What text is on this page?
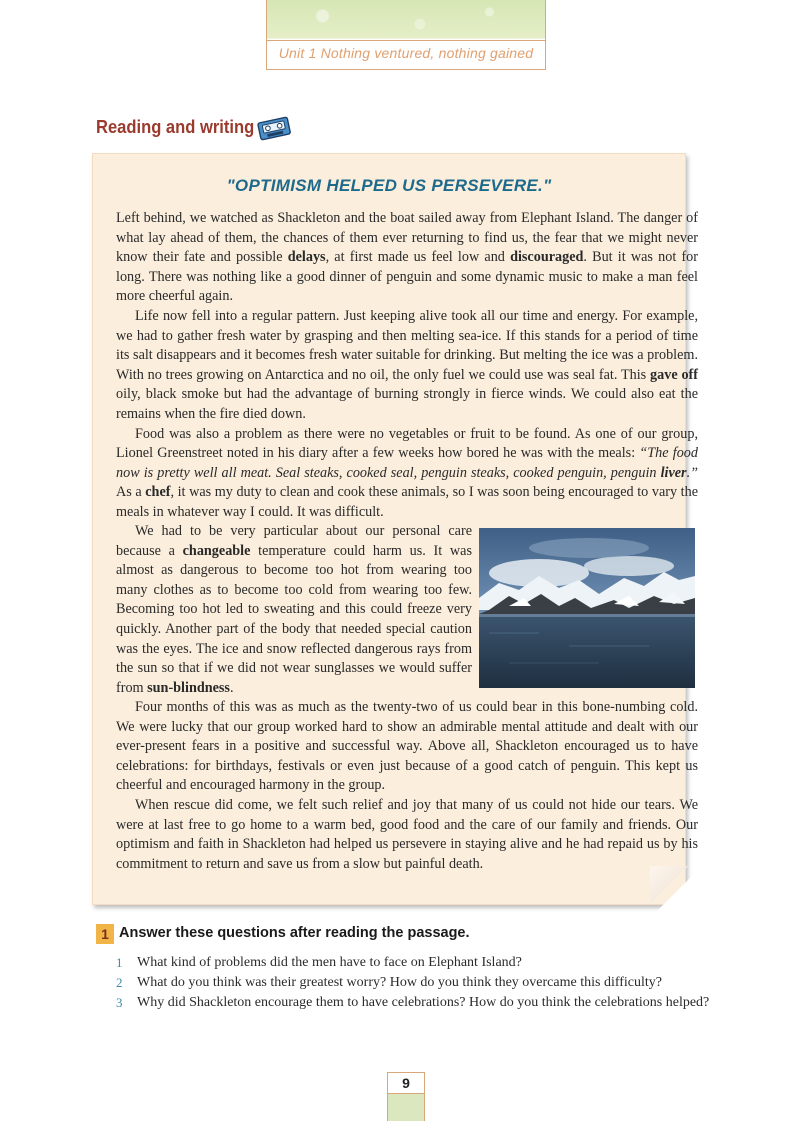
Unit 1 Nothing ventured, nothing gained
Reading and writing
"OPTIMISM HELPED US PERSEVERE."

Left behind, we watched as Shackleton and the boat sailed away from Elephant Island. The danger of what lay ahead of them, the chances of them ever returning to find us, the fear that we might never know their fate and possible delays, at first made us feel low and discouraged. But it was not for long. There was nothing like a good dinner of penguin and some dynamic music to make a man feel more cheerful again.

Life now fell into a regular pattern. Just keeping alive took all our time and energy. For example, we had to gather fresh water by grasping and then melting sea-ice. If this stands for a period of time its salt disappears and it becomes fresh water suitable for drinking. But melting the ice was a problem. With no trees growing on Antarctica and no oil, the only fuel we could use was seal fat. This gave off oily, black smoke but had the advantage of burning strongly in fierce winds. We could also eat the remains when the fire died down.

Food was also a problem as there were no vegetables or fruit to be found. As one of our group, Lionel Greenstreet noted in his diary after a few weeks how bored he was with the meals: “The food now is pretty well all meat. Seal steaks, cooked seal, penguin steaks, cooked penguin, penguin liver.” As a chef, it was my duty to clean and cook these animals, so I was soon being encouraged to vary the meals in whatever way I could. It was difficult.

We had to be very particular about our personal care because a changeable temperature could harm us. It was almost as dangerous to become too hot from wearing too many clothes as to become too cold from wearing too few. Becoming too hot led to sweating and this could freeze very quickly. Another part of the body that needed special caution was the eyes. The ice and snow reflected dangerous rays from the sun so that if we did not wear sunglasses we would suffer from sun-blindness.

Four months of this was as much as the twenty-two of us could bear in this bone-numbing cold. We were lucky that our group worked hard to show an admirable mental attitude and dealt with our ever-present fears in a positive and successful way. Above all, Shackleton encouraged us to have celebrations: for birthdays, festivals or even just because of a good catch of penguin. This kept us cheerful and encouraged harmony in the group.

When rescue did come, we felt such relief and joy that many of us could not hide our tears. We were at last free to go home to a warm bed, good food and the care of our family and friends. Our optimism and faith in Shackleton had helped us persevere in staying alive and he had repaid us by his commitment to return and save us from a slow but painful death.

1 Answer these questions after reading the passage.
1 What kind of problems did the men have to face on Elephant Island?
2 What do you think was their greatest worry? How do you think they overcame this difficulty?
3 Why did Shackleton encourage them to have celebrations? How do you think the celebrations helped?
9
